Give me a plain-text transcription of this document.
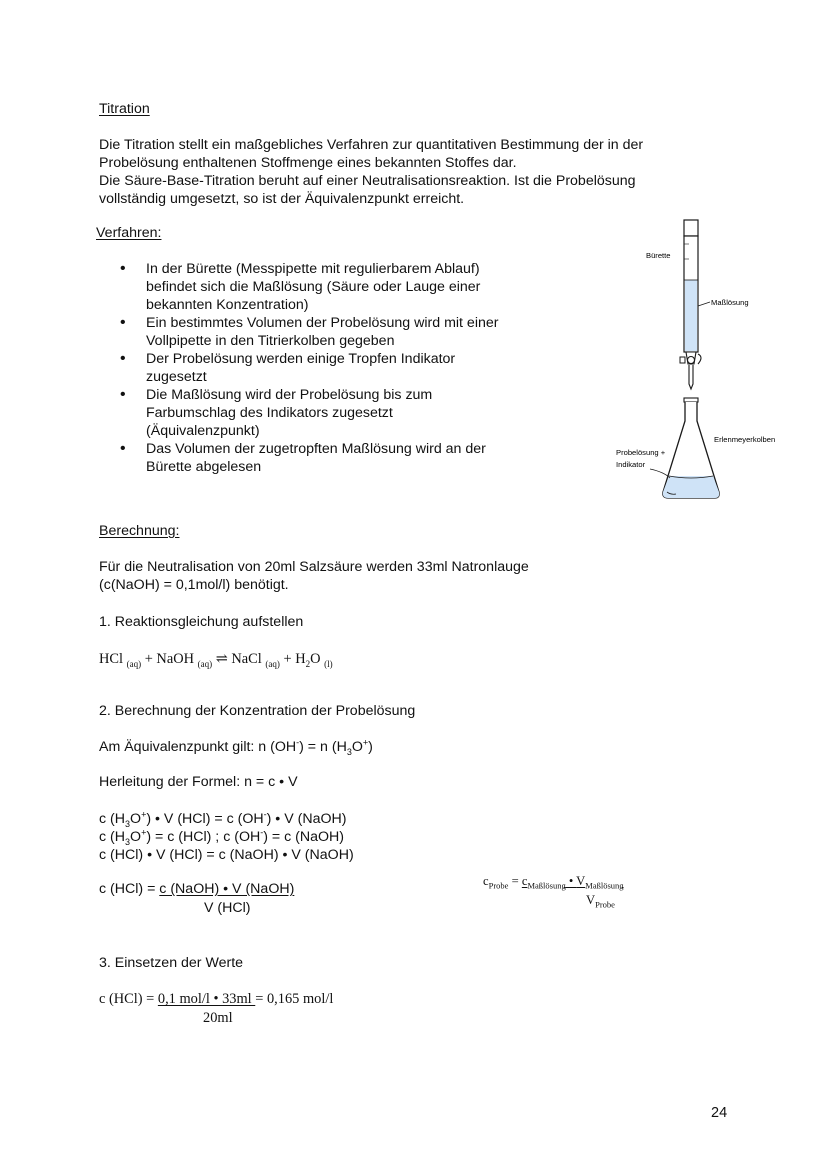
Titration
Die Titration stellt ein maßgebliches Verfahren zur quantitativen Bestimmung der in der
Probelösung enthaltenen Stoffmenge eines bekannten Stoffes dar.
Die Säure-Base-Titration beruht auf einer Neutralisationsreaktion. Ist die Probelösung
vollständig umgesetzt, so ist der Äquivalenzpunkt erreicht.
Verfahren:
• In der Bürette (Messpipette mit regulierbarem Ablauf)
befindet sich die Maßlösung (Säure oder Lauge einer
bekannten Konzentration)
• Ein bestimmtes Volumen der Probelösung wird mit einer
Vollpipette in den Titrierkolben gegeben
• Der Probelösung werden einige Tropfen Indikator
zugesetzt
• Die Maßlösung wird der Probelösung bis zum
Farbumschlag des Indikators zugesetzt
(Äquivalenzpunkt)
• Das Volumen der zugetropften Maßlösung wird an der
Bürette abgelesen
Bürette
Maßlösung
Erlenmeyerkolben
Probelösung +
Indikator
Berechnung:
Für die Neutralisation von 20ml Salzsäure werden 33ml Natronlauge
(c(NaOH) = 0,1mol/l) benötigt.
1. Reaktionsgleichung aufstellen
HCl $_{(aq)}$ + NaOH $_{(aq)}$ ⇌ NaCl $_{(aq)} + H_2O$ $_{(l)}$
2. Berechnung der Konzentration der Probelösung
Am Äquivalenzpunkt gilt: n (OH-) = n $(H_3O^+)$
Herleitung der Formel: n = c • V
c $(H_3O^+)$ • V (HCl) = c (OH-) • V (NaOH)
c $(H_3O^+) = c$ (HCl) ; c (OH-) = c (NaOH)
c (HCl) • V (HCl) = c (NaOH) • V (NaOH)
c (HCl) = c (NaOH) • V (NaOH)
V (HCl)
$c_{Probe} = c_{Maßlösung}$ • $V_{Maßlösung}$
$V_{Probe}$
3. Einsetzen der Werte
c (HCl) = 0,1 mol/l • 33ml = 0,165 mol/l
20ml
24
